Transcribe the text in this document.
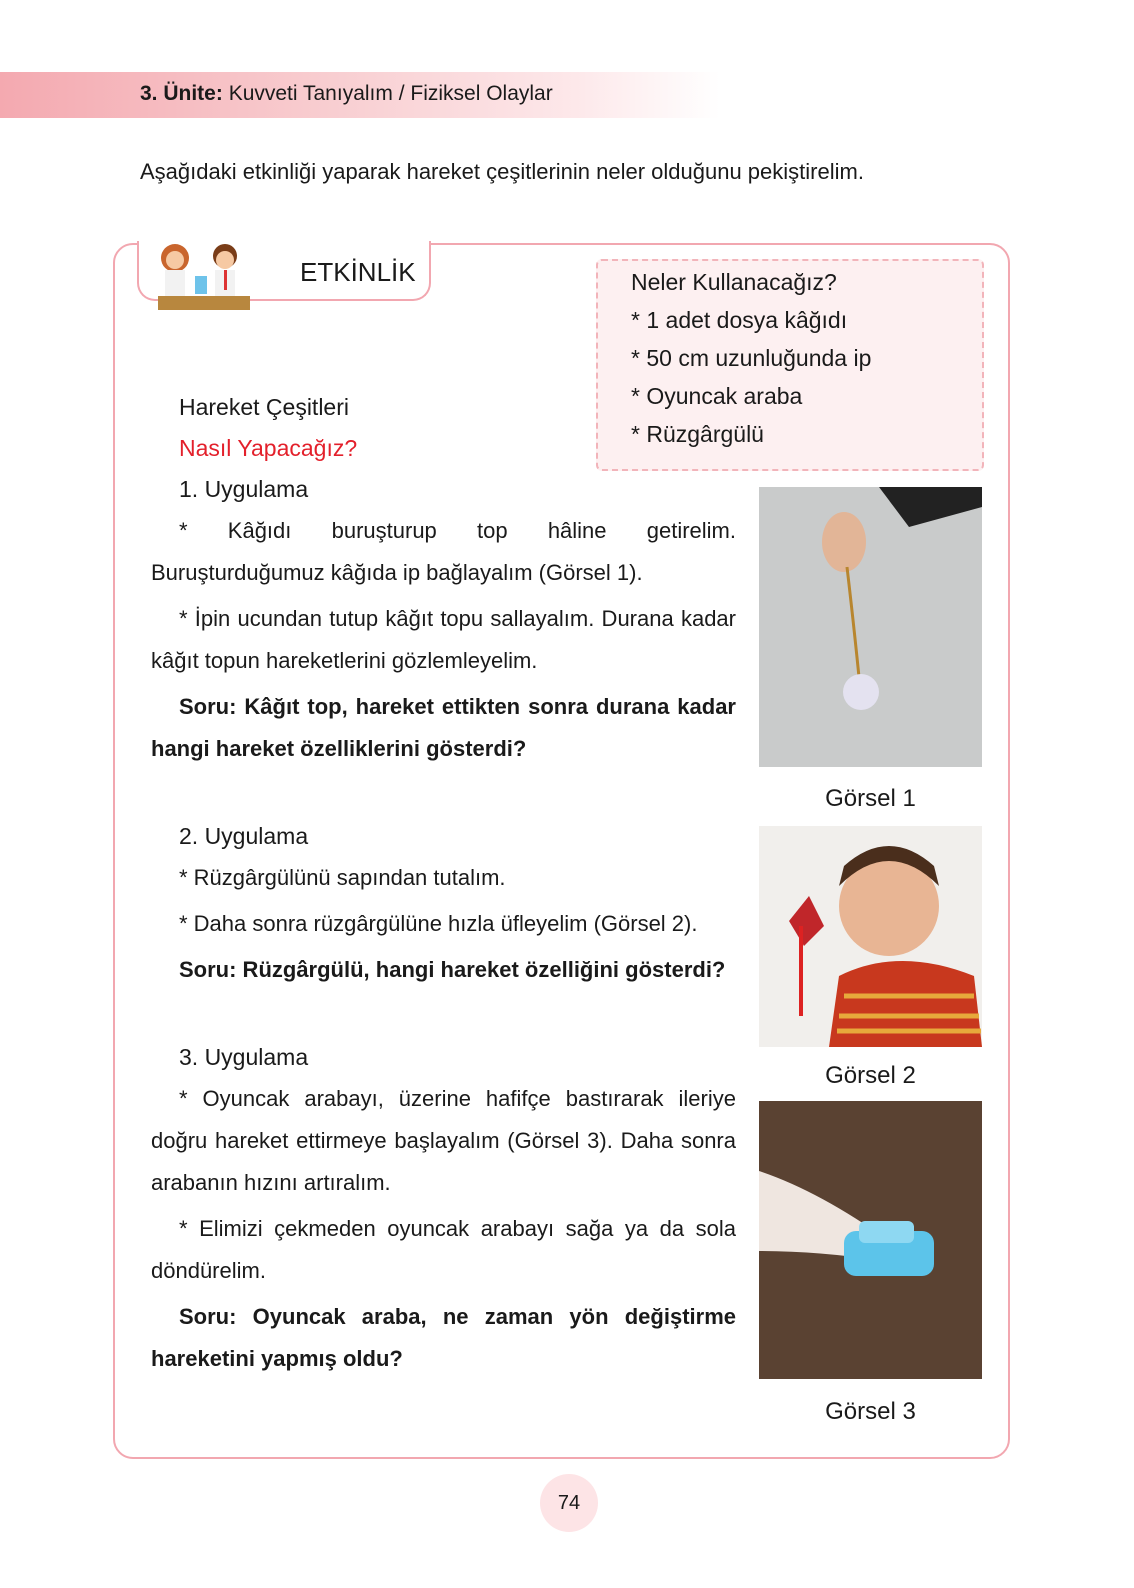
3. Ünite: Kuvveti Tanıyalım / Fiziksel Olaylar
Aşağıdaki etkinliği yaparak hareket çeşitlerinin neler olduğunu pekiştirelim.
ETKİNLİK	Neler Kullanacağız?
* 1 adet dosya kâğıdı
* 50 cm uzunluğunda ip
* Oyuncak araba
* Rüzgârgülü
Hareket Çeşitleri
Nasıl Yapacağız?
1. Uygulama

* Kâğıdı buruşturup top hâline getirelim. Buruşturduğumuz kâğıda ip bağlayalım (Görsel 1).

* İpin ucundan tutup kâğıt topu sallayalım. Durana kadar kâğıt topun hareketlerini gözlemleyelim.

Soru: Kâğıt top, hareket ettikten sonra durana kadar hangi hareket özelliklerini gösterdi?

2. Uygulama

* Rüzgârgülünü sapından tutalım.

* Daha sonra rüzgârgülüne hızla üfleyelim (Görsel 2).

Soru: Rüzgârgülü, hangi hareket özelliğini gösterdi?

3. Uygulama

* Oyuncak arabayı, üzerine hafifçe bastırarak ileriye doğru hareket ettirmeye başlayalım (Görsel 3). Daha sonra arabanın hızını artıralım.

* Elimizi çekmeden oyuncak arabayı sağa ya da sola döndürelim.

Soru: Oyuncak araba, ne zaman yön değiştirme hareketini yapmış oldu?

Görsel 1
Görsel 2
Görsel 3
74
